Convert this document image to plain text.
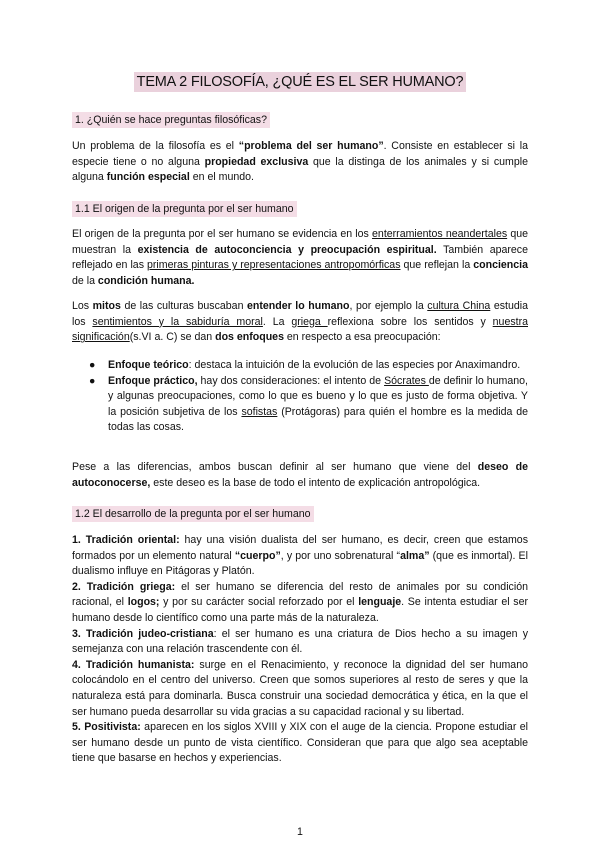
TEMA 2 FILOSOFÍA, ¿QUÉ ES EL SER HUMANO?
1. ¿Quién se hace preguntas filosóficas?

Un problema de la filosofía es el “problema del ser humano”. Consiste en establecer si la especie tiene o no alguna propiedad exclusiva que la distinga de los animales y si cumple alguna función especial en el mundo.

1.1 El origen de la pregunta por el ser humano

El origen de la pregunta por el ser humano se evidencia en los enterramientos neandertales que muestran la existencia de autoconciencia y preocupación espiritual. También aparece reflejado en las primeras pinturas y representaciones antropomórficas que reflejan la conciencia de la condición humana.

Los mitos de las culturas buscaban entender lo humano, por ejemplo la cultura China estudia los sentimientos y la sabiduría moral. La griega reflexiona sobre los sentidos y nuestra significación(s.VI a. C) se dan dos enfoques en respecto a esa preocupación:

● Enfoque teórico: destaca la intuición de la evolución de las especies por Anaximandro.
● Enfoque práctico, hay dos consideraciones: el intento de Sócrates de definir lo humano, y algunas preocupaciones, como lo que es bueno y lo que es justo de forma objetiva. Y la posición subjetiva de los sofistas (Protágoras) para quién el hombre es la medida de todas las cosas.

Pese a las diferencias, ambos buscan definir al ser humano que viene del deseo de autoconocerse, este deseo es la base de todo el intento de explicación antropológica.

1.2 El desarrollo de la pregunta por el ser humano
1. Tradición oriental: hay una visión dualista del ser humano, es decir, creen que estamos formados por un elemento natural “cuerpo”, y por uno sobrenatural “alma” (que es inmortal). El dualismo influye en Pitágoras y Platón.
2. Tradición griega: el ser humano se diferencia del resto de animales por su condición racional, el logos; y por su carácter social reforzado por el lenguaje. Se intenta estudiar el ser humano desde lo científico como una parte más de la naturaleza.
3. Tradición judeo-cristiana: el ser humano es una criatura de Dios hecho a su imagen y semejanza con una relación trascendente con él.
4. Tradición humanista: surge en el Renacimiento, y reconoce la dignidad del ser humano colocándolo en el centro del universo. Creen que somos superiores al resto de seres y que la naturaleza está para dominarla. Busca construir una sociedad democrática y ética, en la que el ser humano pueda desarrollar su vida gracias a su capacidad racional y su libertad.
5. Positivista: aparecen en los siglos XVIII y XIX con el auge de la ciencia. Propone estudiar el ser humano desde un punto de vista científico. Consideran que para que algo sea aceptable tiene que basarse en hechos y experiencias.
1
